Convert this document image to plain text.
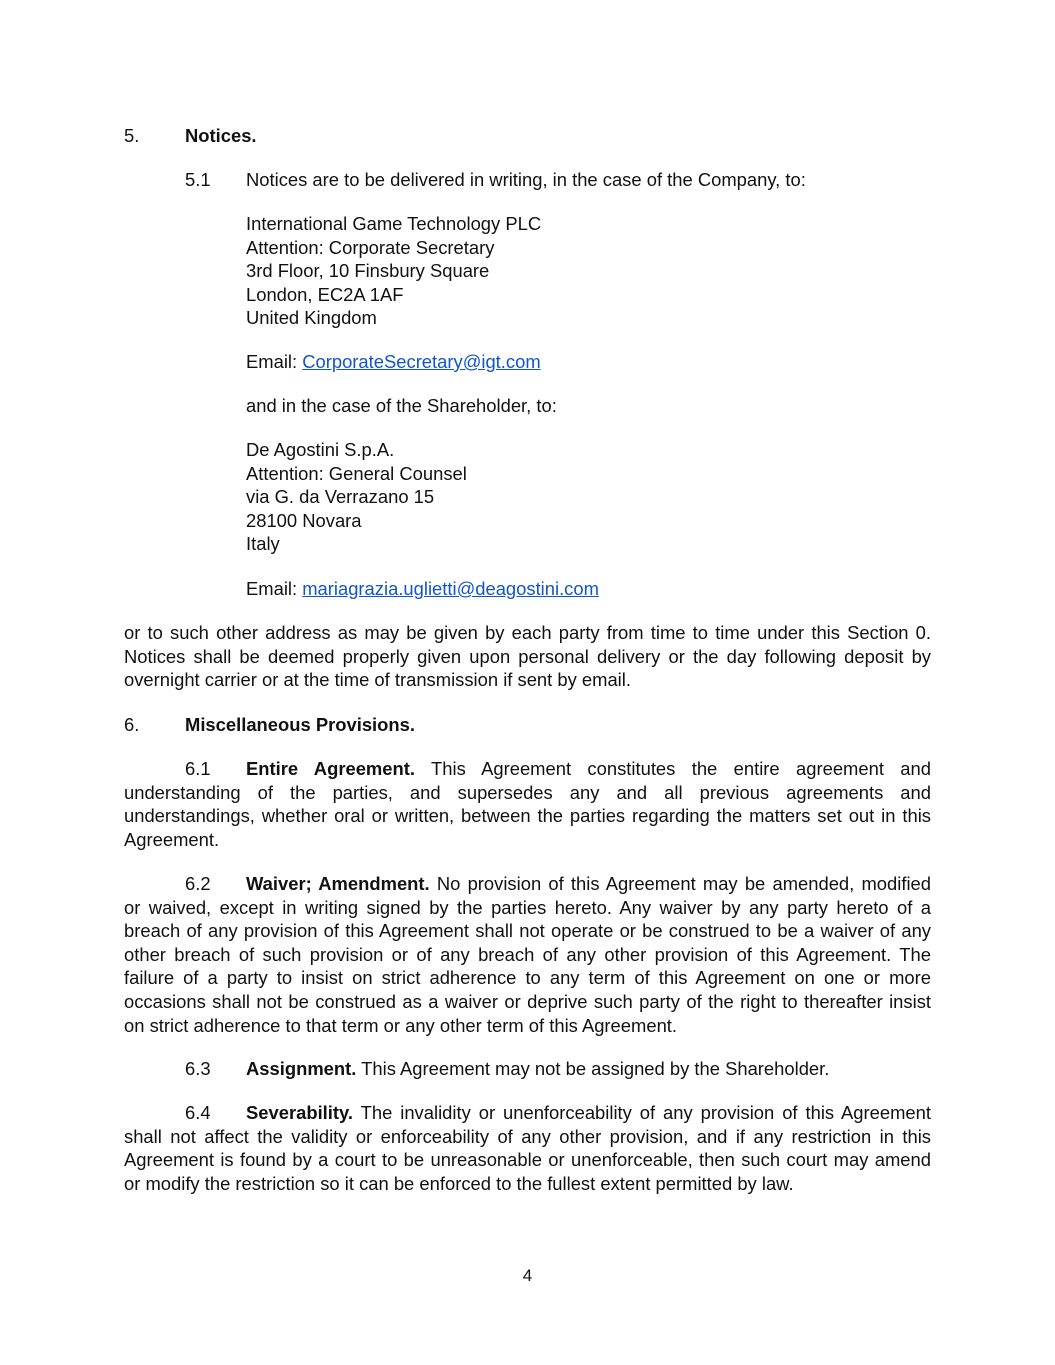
5. Notices.
5.1 Notices are to be delivered in writing, in the case of the Company, to:
International Game Technology PLC
Attention: Corporate Secretary
3rd Floor, 10 Finsbury Square
London, EC2A 1AF
United Kingdom
Email: CorporateSecretary@igt.com
and in the case of the Shareholder, to:
De Agostini S.p.A.
Attention: General Counsel
via G. da Verrazano 15
28100 Novara
Italy
Email: mariagrazia.uglietti@deagostini.com
or to such other address as may be given by each party from time to time under this Section 0. Notices shall be deemed properly given upon personal delivery or the day following deposit by overnight carrier or at the time of transmission if sent by email.
6. Miscellaneous Provisions.
6.1 Entire Agreement. This Agreement constitutes the entire agreement and understanding of the parties, and supersedes any and all previous agreements and understandings, whether oral or written, between the parties regarding the matters set out in this Agreement.
6.2 Waiver; Amendment. No provision of this Agreement may be amended, modified or waived, except in writing signed by the parties hereto. Any waiver by any party hereto of a breach of any provision of this Agreement shall not operate or be construed to be a waiver of any other breach of such provision or of any breach of any other provision of this Agreement. The failure of a party to insist on strict adherence to any term of this Agreement on one or more occasions shall not be construed as a waiver or deprive such party of the right to thereafter insist on strict adherence to that term or any other term of this Agreement.
6.3 Assignment. This Agreement may not be assigned by the Shareholder.
6.4 Severability. The invalidity or unenforceability of any provision of this Agreement shall not affect the validity or enforceability of any other provision, and if any restriction in this Agreement is found by a court to be unreasonable or unenforceable, then such court may amend or modify the restriction so it can be enforced to the fullest extent permitted by law.
4
